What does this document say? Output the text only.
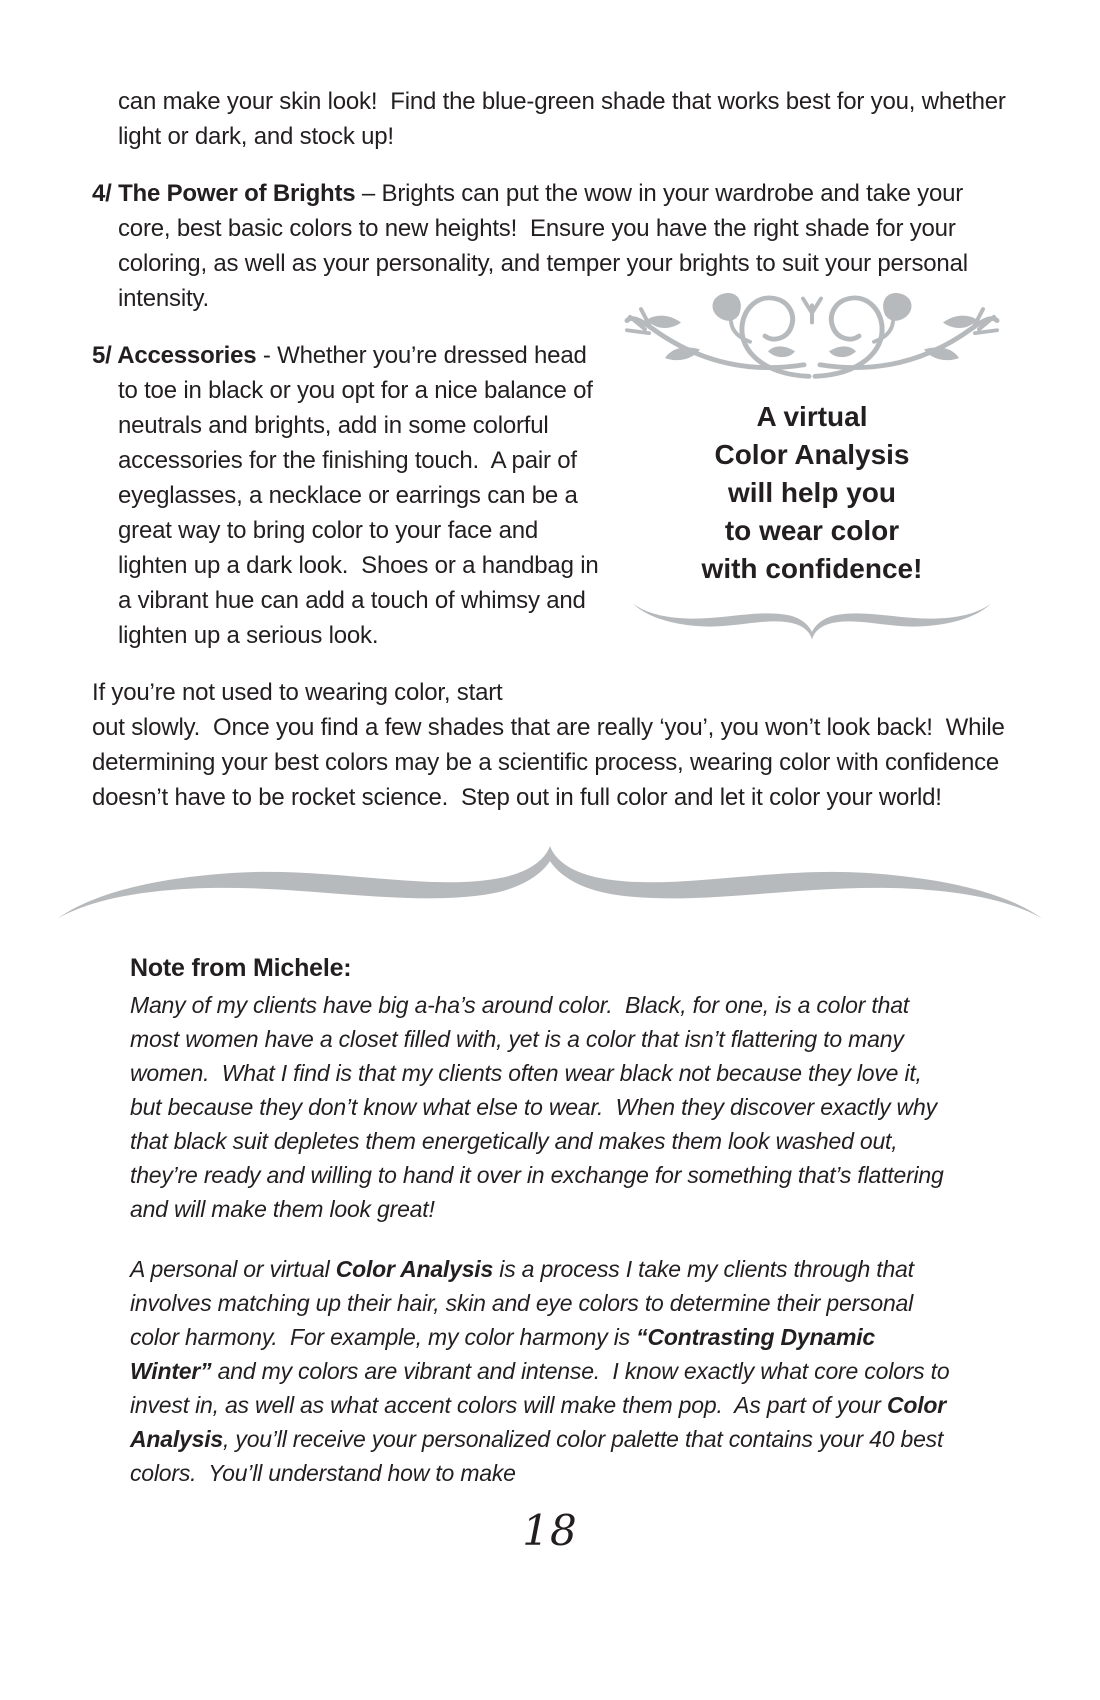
can make your skin look!  Find the blue-green shade that works best for you, whether light or dark, and stock up!

4/ The Power of Brights – Brights can put the wow in your wardrobe and take your core, best basic colors to new heights!  Ensure you have the right shade for your coloring, as well as your personality, and temper your brights to suit your personal intensity.

A virtual
Color Analysis
will help you
to wear color
with confidence!

5/ Accessories - Whether you’re dressed head to toe in black or you opt for a nice balance of neutrals and brights, add in some colorful accessories for the finishing touch.  A pair of eyeglasses, a necklace or earrings can be a great way to bring color to your face and lighten up a dark look.  Shoes or a handbag in a vibrant hue can add a touch of whimsy and lighten up a serious look.

If you’re not used to wearing color, start
out slowly.  Once you find a few shades that are really ‘you’, you won’t look back!  While determining your best colors may be a scientific process, wearing color with confidence doesn’t have to be rocket science.  Step out in full color and let it color your world!

Note from Michele:

Many of my clients have big a-ha’s around color.  Black, for one, is a color that most women have a closet filled with, yet is a color that isn’t flattering to many women.  What I find is that my clients often wear black not because they love it, but because they don’t know what else to wear.  When they discover exactly why that black suit depletes them energetically and makes them look washed out, they’re ready and willing to hand it over in exchange for something that’s flattering and will make them look great!

A personal or virtual Color Analysis is a process I take my clients through that involves matching up their hair, skin and eye colors to determine their personal color harmony.  For example, my color harmony is “Contrasting Dynamic Winter” and my colors are vibrant and intense.  I know exactly what core colors to invest in, as well as what accent colors will make them pop.  As part of your Color Analysis, you’ll receive your personalized color palette that contains your 40 best colors.  You’ll understand how to make

18
